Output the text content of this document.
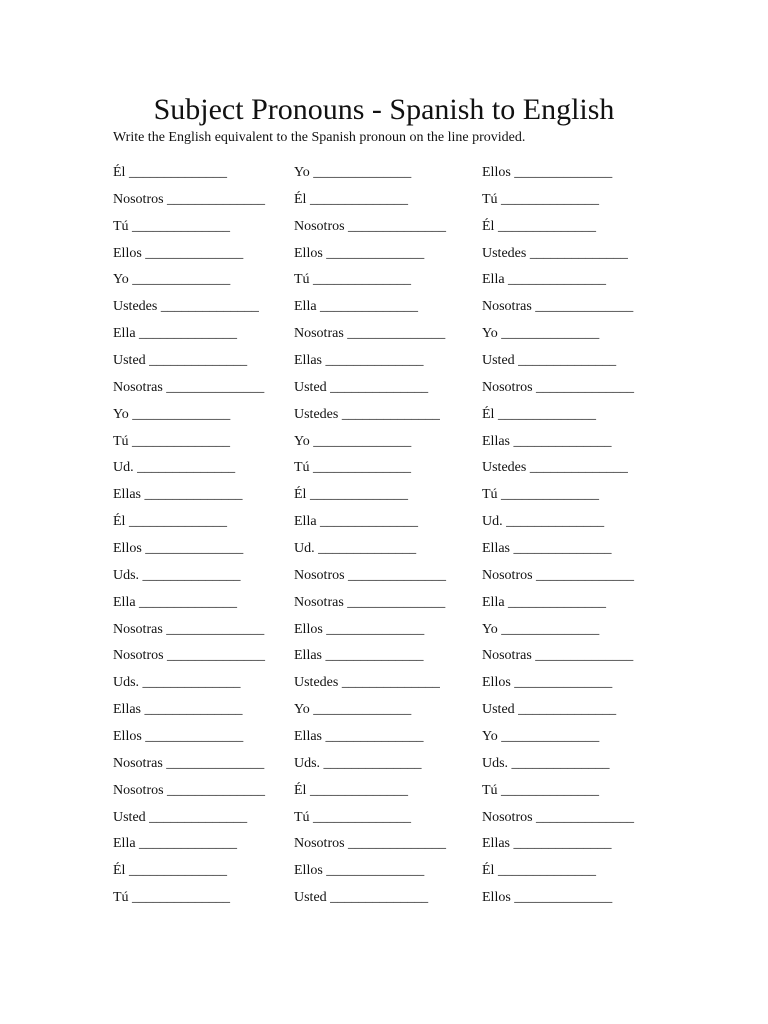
Subject Pronouns - Spanish to English
Write the English equivalent to the Spanish pronoun on the line provided.
Él ______________
Nosotros ______________
Tú ______________
Ellos ______________
Yo ______________
Ustedes ______________
Ella ______________
Usted ______________
Nosotras ______________
Yo ______________
Tú ______________
Ud. ______________
Ellas ______________
Él ______________
Ellos ______________
Uds. ______________
Ella ______________
Nosotras ______________
Nosotros ______________
Uds. ______________
Ellas ______________
Ellos ______________
Nosotras ______________
Nosotros ______________
Usted ______________
Ella ______________
Él ______________
Tú ______________
Yo ______________
Él ______________
Nosotros ______________
Ellos ______________
Tú ______________
Ella ______________
Nosotras ______________
Ellas ______________
Usted ______________
Ustedes ______________
Yo ______________
Tú ______________
Él ______________
Ella ______________
Ud. ______________
Nosotros ______________
Nosotras ______________
Ellos ______________
Ellas ______________
Ustedes ______________
Yo ______________
Ellas ______________
Uds. ______________
Él ______________
Tú ______________
Nosotros ______________
Ellos ______________
Usted ______________
Ellos ______________
Tú ______________
Él ______________
Ustedes ______________
Ella ______________
Nosotras ______________
Yo ______________
Usted ______________
Nosotros ______________
Él ______________
Ellas ______________
Ustedes ______________
Tú ______________
Ud. ______________
Ellas ______________
Nosotros ______________
Ella ______________
Yo ______________
Nosotras ______________
Ellos ______________
Usted ______________
Yo ______________
Uds. ______________
Tú ______________
Nosotros ______________
Ellas ______________
Él ______________
Ellos ______________
